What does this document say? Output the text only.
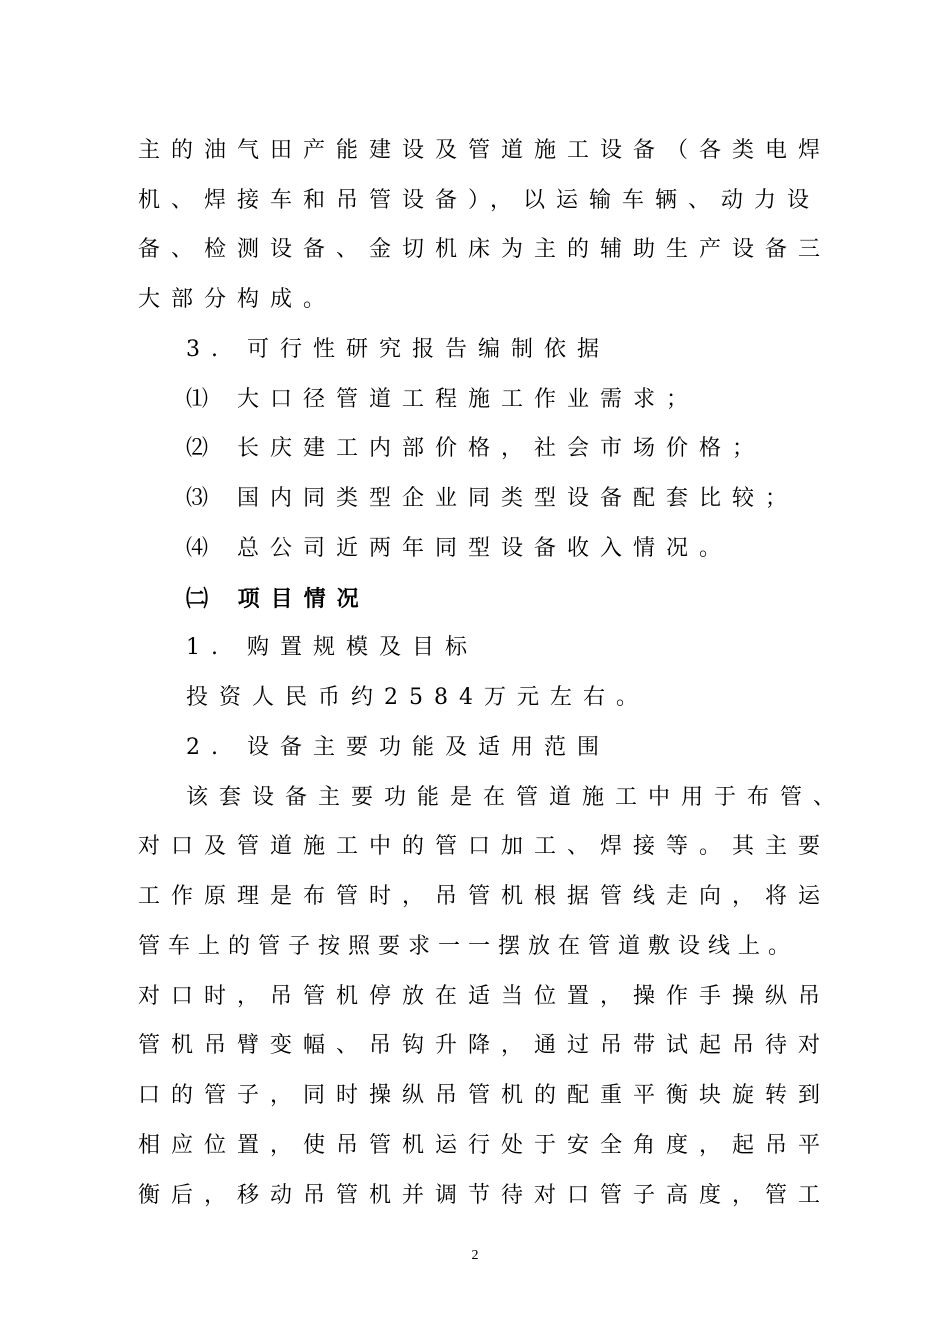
主的油气田产能建设及管道施工设备（各类电焊
机、焊接车和吊管设备），以运输车辆、动力设
备、检测设备、金切机床为主的辅助生产设备三
大部分构成。
3. 可行性研究报告编制依据
⑴ 大口径管道工程施工作业需求；
⑵ 长庆建工内部价格，社会市场价格；
⑶ 国内同类型企业同类型设备配套比较；
⑷ 总公司近两年同型设备收入情况。
㈡ 项目情况
1. 购置规模及目标
投资人民币约2584万元左右。
2. 设备主要功能及适用范围
该套设备主要功能是在管道施工中用于布管、
对口及管道施工中的管口加工、焊接等。其主要
工作原理是布管时，吊管机根据管线走向，将运
管车上的管子按照要求一一摆放在管道敷设线上。
对口时，吊管机停放在适当位置，操作手操纵吊
管机吊臂变幅、吊钩升降，通过吊带试起吊待对
口的管子，同时操纵吊管机的配重平衡块旋转到
相应位置，使吊管机运行处于安全角度，起吊平
衡后，移动吊管机并调节待对口管子高度，管工
2
